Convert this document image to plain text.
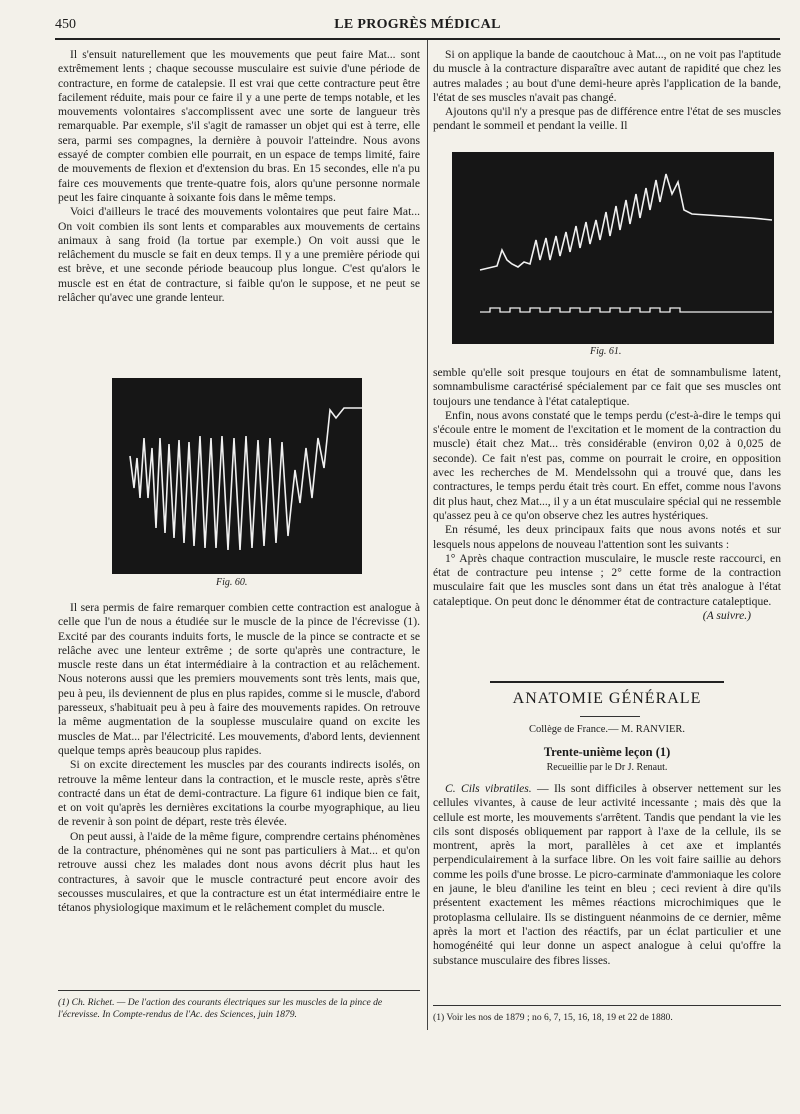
450	LE PROGRÈS MÉDICAL

Il s'ensuit naturellement que les mouvements que peut faire Mat... sont extrêmement lents ; chaque secousse musculaire est suivie d'une période de contracture, en forme de catalepsie. Il est vrai que cette contracture peut être facilement réduite, mais pour ce faire il y a une perte de temps notable, et les mouvements volontaires s'accomplissent avec une sorte de langueur très remarquable. Par exemple, s'il s'agit de ramasser un objet qui est à terre, elle sera, parmi ses compagnes, la dernière à pouvoir l'atteindre. Nous avons essayé de compter combien elle pourrait, en un espace de temps limité, faire de mouvements de flexion et d'extension du bras. En 15 secondes, elle n'a pu faire ces mouvements que trente-quatre fois, alors qu'une personne normale peut les faire cinquante à soixante fois dans le même temps.

Voici d'ailleurs le tracé des mouvements volontaires que peut faire Mat... On voit combien ils sont lents et comparables aux mouvements de certains animaux à sang froid (la tortue par exemple.) On voit aussi que le relâchement du muscle se fait en deux temps. Il y a une première période qui est brève, et une seconde période beaucoup plus longue. C'est qu'alors le muscle est en état de contracture, si faible qu'on le suppose, et ne peut se relâcher qu'avec une grande lenteur.

Fig. 60.

Il sera permis de faire remarquer combien cette contraction est analogue à celle que l'un de nous a étudiée sur le muscle de la pince de l'écrevisse (1). Excité par des courants induits forts, le muscle de la pince se contracte et se relâche avec une lenteur extrême ; de sorte qu'après une contracture, le muscle reste dans un état intermédiaire à la contraction et au relâchement. Nous noterons aussi que les premiers mouvements sont très lents, mais que, peu à peu, ils deviennent de plus en plus rapides, comme si le muscle, d'abord paresseux, s'habituait peu à peu à faire des mouvements rapides. On retrouve la même augmentation de la souplesse musculaire quand on excite les muscles de Mat... par l'électricité. Les mouvements, d'abord lents, deviennent quelque temps après beaucoup plus rapides.

Si on excite directement les muscles par des courants indirects isolés, on retrouve la même lenteur dans la contraction, et le muscle reste, après s'être contracté dans un état de demi-contracture. La figure 61 indique bien ce fait, et on voit qu'après les dernières excitations la courbe myographique, au lieu de revenir à son point de départ, reste très élevée.

On peut aussi, à l'aide de la même figure, comprendre certains phénomènes de la contracture, phénomènes qui ne sont pas particuliers à Mat... et qu'on retrouve aussi chez les malades dont nous avons décrit plus haut les contractures, à savoir que le muscle contracturé peut encore avoir des secousses musculaires, et que la contracture est un état intermédiaire entre le tétanos physiologique maximum et le relâchement complet du muscle.

(1) Ch. Richet. — De l'action des courants électriques sur les muscles de la pince de l'écrevisse. In Compte-rendus de l'Ac. des Sciences, juin 1879.

Si on applique la bande de caoutchouc à Mat..., on ne voit pas l'aptitude du muscle à la contracture disparaître avec autant de rapidité que chez les autres malades ; au bout d'une demi-heure après l'application de la bande, l'état de ses muscles n'avait pas changé.

Ajoutons qu'il n'y a presque pas de différence entre l'état de ses muscles pendant le sommeil et pendant la veille. Il

Fig. 61.

semble qu'elle soit presque toujours en état de somnambulisme latent, somnambulisme caractérisé spécialement par ce fait que ses muscles ont toujours une tendance à l'état cataleptique.

Enfin, nous avons constaté que le temps perdu (c'est-à-dire le temps qui s'écoule entre le moment de l'excitation et le moment de la contraction du muscle) était chez Mat... très considérable (environ 0,02 à 0,025 de seconde). Ce fait n'est pas, comme on pourrait le croire, en opposition avec les recherches de M. Mendelssohn qui a trouvé que, dans les contractures, le temps perdu était très court. En effet, comme nous l'avons dit plus haut, chez Mat..., il y a un état musculaire spécial qui ne ressemble qu'assez peu à ce qu'on observe chez les autres hystériques.

En résumé, les deux principaux faits que nous avons notés et sur lesquels nous appelons de nouveau l'attention sont les suivants :

1° Après chaque contraction musculaire, le muscle reste raccourci, en état de contracture peu intense ; 2° cette forme de la contraction musculaire fait que les muscles sont dans un état très analogue à l'état cataleptique. On peut donc le dénommer état de contracture cataleptique.

(A suivre.)
ANATOMIE GÉNÉRALE
Collège de France.— M. RANVIER.
Trente-unième leçon (1)
Recueillie par le Dr J. Renaut.

C. Cils vibratiles. — Ils sont difficiles à observer nettement sur les cellules vivantes, à cause de leur activité incessante ; mais dès que la cellule est morte, les mouvements s'arrêtent. Tandis que pendant la vie les cils sont disposés obliquement par rapport à l'axe de la cellule, ils se montrent, après la mort, parallèles à cet axe et implantés perpendiculairement à la surface libre. On les voit faire saillie au dehors comme les poils d'une brosse. Le picro-carminate d'ammoniaque les colore en jaune, le bleu d'aniline les teint en bleu ; ceci revient à dire qu'ils présentent exactement les mêmes réactions microchimiques que le protoplasma cellulaire. Ils se distinguent néanmoins de ce dernier, même après la mort et l'action des réactifs, par un éclat particulier et une homogénéité qui leur donne un aspect analogue à celui qu'offre la substance musculaire des fibres lisses.

(1) Voir les nos de 1879 ; no 6, 7, 15, 16, 18, 19 et 22 de 1880.
